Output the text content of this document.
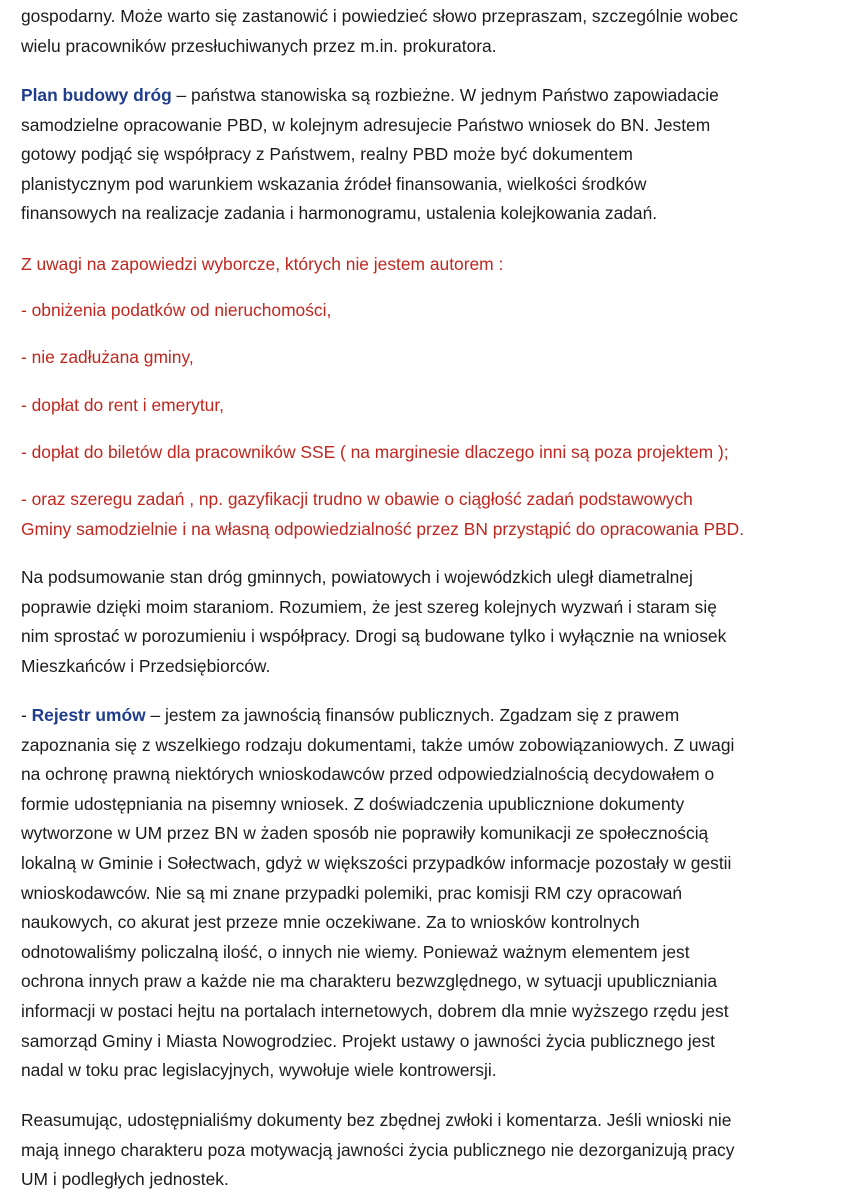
gospodarny. Może warto się zastanowić i powiedzieć słowo przepraszam, szczególnie wobec
wielu pracowników przesłuchiwanych przez m.in. prokuratora.

Plan budowy dróg – państwa stanowiska są rozbieżne. W jednym Państwo zapowiadacie
samodzielne opracowanie PBD, w kolejnym adresujecie Państwo wniosek do BN. Jestem
gotowy podjąć się współpracy z Państwem, realny PBD może być dokumentem
planistycznym pod warunkiem wskazania źródeł finansowania, wielkości środków
finansowych na realizacje zadania i harmonogramu, ustalenia kolejkowania zadań.

Z uwagi na zapowiedzi wyborcze, których nie jestem autorem :

- obniżenia podatków od nieruchomości,

- nie zadłużana gminy,

- dopłat do rent i emerytur,

- dopłat do biletów dla pracowników SSE ( na marginesie dlaczego inni są poza projektem );

- oraz szeregu zadań , np. gazyfikacji trudno w obawie o ciągłość zadań podstawowych
Gminy samodzielnie i na własną odpowiedzialność przez BN przystąpić do opracowania PBD.

Na podsumowanie stan dróg gminnych, powiatowych i wojewódzkich uległ diametralnej
poprawie dzięki moim staraniom. Rozumiem, że jest szereg kolejnych wyzwań i staram się
nim sprostać w porozumieniu i współpracy. Drogi są budowane tylko i wyłącznie na wniosek
Mieszkańców i Przedsiębiorców.

- Rejestr umów – jestem za jawnością finansów publicznych. Zgadzam się z prawem
zapoznania się z wszelkiego rodzaju dokumentami, także umów zobowiązaniowych. Z uwagi
na ochronę prawną niektórych wnioskodawców przed odpowiedzialnością decydowałem o
formie udostępniania na pisemny wniosek. Z doświadczenia upublicznione dokumenty
wytworzone w UM przez BN w żaden sposób nie poprawiły komunikacji ze społecznością
lokalną w Gminie i Sołectwach, gdyż w większości przypadków informacje pozostały w gestii
wnioskodawców. Nie są mi znane przypadki polemiki, prac komisji RM czy opracowań
naukowych, co akurat jest przeze mnie oczekiwane. Za to wniosków kontrolnych
odnotowaliśmy policzalną ilość, o innych nie wiemy. Ponieważ ważnym elementem jest
ochrona innych praw a każde nie ma charakteru bezwzględnego, w sytuacji upubliczniania
informacji w postaci hejtu na portalach internetowych, dobrem dla mnie wyższego rzędu jest
samorząd Gminy i Miasta Nowogrodziec. Projekt ustawy o jawności życia publicznego jest
nadal w toku prac legislacyjnych, wywołuje wiele kontrowersji.

Reasumując, udostępnialiśmy dokumenty bez zbędnej zwłoki i komentarza. Jeśli wnioski nie
mają innego charakteru poza motywacją jawności życia publicznego nie dezorganizują pracy
UM i podległych jednostek.
